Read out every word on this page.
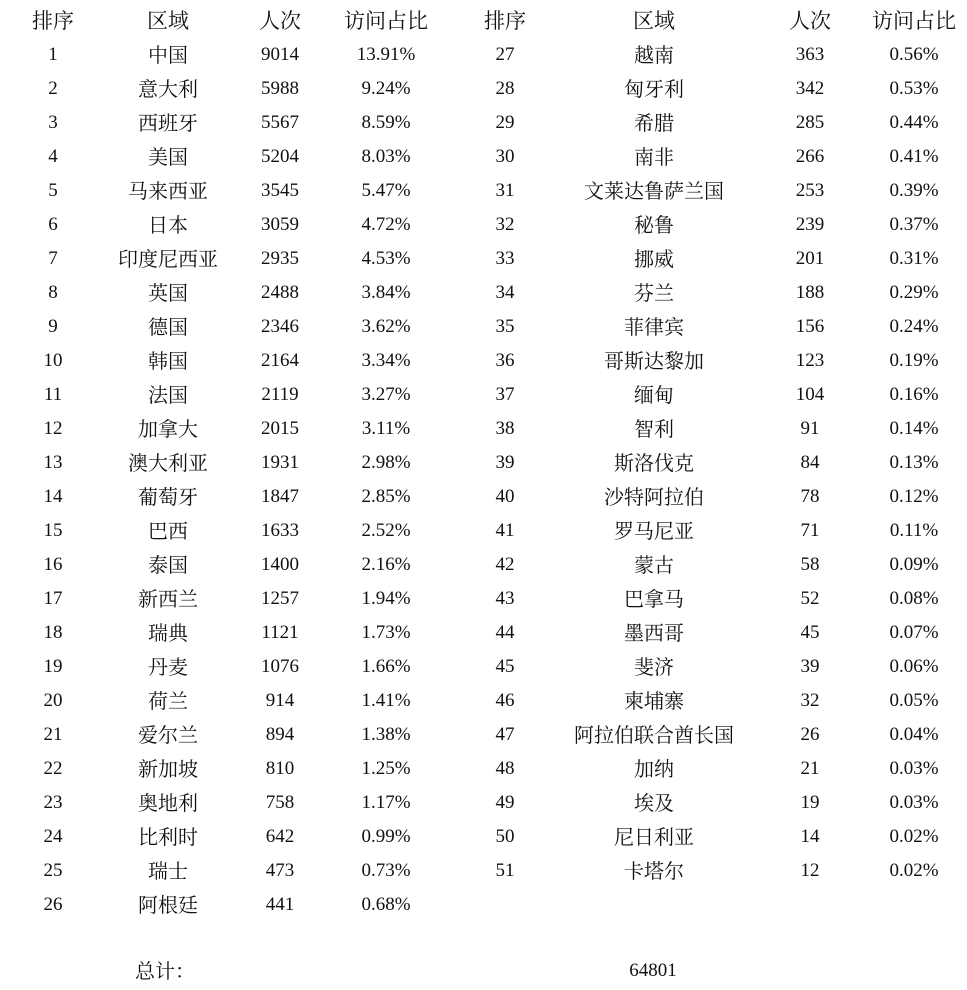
排序	区域	人次	访问占比	排序	区域	人次	访问占比
1	中国	9014	13.91%	27	越南	363	0.56%
2	意大利	5988	9.24%	28	匈牙利	342	0.53%
3	西班牙	5567	8.59%	29	希腊	285	0.44%
4	美国	5204	8.03%	30	南非	266	0.41%
5	马来西亚	3545	5.47%	31	文莱达鲁萨兰国	253	0.39%
6	日本	3059	4.72%	32	秘鲁	239	0.37%
7	印度尼西亚	2935	4.53%	33	挪威	201	0.31%
8	英国	2488	3.84%	34	芬兰	188	0.29%
9	德国	2346	3.62%	35	菲律宾	156	0.24%
10	韩国	2164	3.34%	36	哥斯达黎加	123	0.19%
11	法国	2119	3.27%	37	缅甸	104	0.16%
12	加拿大	2015	3.11%	38	智利	91	0.14%
13	澳大利亚	1931	2.98%	39	斯洛伐克	84	0.13%
14	葡萄牙	1847	2.85%	40	沙特阿拉伯	78	0.12%
15	巴西	1633	2.52%	41	罗马尼亚	71	0.11%
16	泰国	1400	2.16%	42	蒙古	58	0.09%
17	新西兰	1257	1.94%	43	巴拿马	52	0.08%
18	瑞典	1121	1.73%	44	墨西哥	45	0.07%
19	丹麦	1076	1.66%	45	斐济	39	0.06%
20	荷兰	914	1.41%	46	柬埔寨	32	0.05%
21	爱尔兰	894	1.38%	47	阿拉伯联合酋长国	26	0.04%
22	新加坡	810	1.25%	48	加纳	21	0.03%
23	奥地利	758	1.17%	49	埃及	19	0.03%
24	比利时	642	0.99%	50	尼日利亚	14	0.02%
25	瑞士	473	0.73%	51	卡塔尔	12	0.02%
26	阿根廷	441	0.68%
总计：	64801
